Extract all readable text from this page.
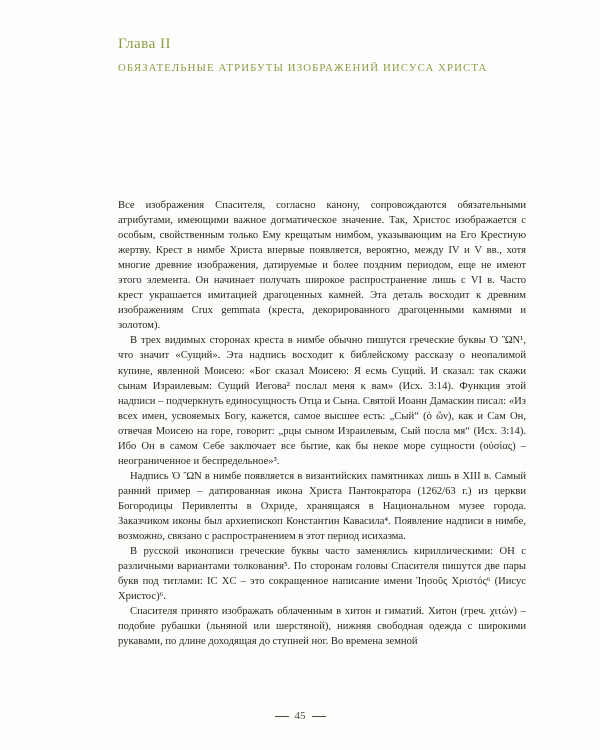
Глава II
ОБЯЗАТЕЛЬНЫЕ АТРИБУТЫ ИЗОБРАЖЕНИЙ ИИСУСА ХРИСТА

Все изображения Спасителя, согласно канону, сопровождаются обязательными атрибутами, имеющими важное догматическое значение. Так, Христос изображается с особым, свойственным только Ему крещатым нимбом, указывающим на Его Крестную жертву. Крест в нимбе Христа впервые появляется, вероятно, между IV и V вв., хотя многие древние изображения, датируемые и более поздним периодом, еще не имеют этого элемента. Он начинает получать широкое распространение лишь с VI в. Часто крест украшается имитацией драгоценных камней. Эта деталь восходит к древним изображениям Crux gemmata (креста, декорированного драгоценными камнями и золотом).

В трех видимых сторонах креста в нимбе обычно пишутся греческие буквы Ὁ ὪΝ¹, что значит «Сущий». Эта надпись восходит к библейскому рассказу о неопалимой купине, явленной Моисею: «Бог сказал Моисею: Я есмь Сущий. И сказал: так скажи сынам Израилевым: Сущий Иегова² послал меня к вам» (Исх. 3:14). Функция этой надписи – подчеркнуть единосущность Отца и Сына. Святой Иоанн Дамаскин писал: «Из всех имен, усвояемых Богу, кажется, самое высшее есть: „Сый“ (ὁ ὤν), как и Сам Он, отвечая Моисею на горе, говорит: „рцы сыном Израилевым, Сый посла мя“ (Исх. 3:14). Ибо Он в самом Себе заключает все бытие, как бы некое море сущности (οὐσίας) – неограниченное и беспредельное»³.

Надпись Ὁ ὪΝ в нимбе появляется в византийских памятниках лишь в XIII в. Самый ранний пример – датированная икона Христа Пантократора (1262/63 г.) из церкви Богородицы Перивлепты в Охриде, хранящаяся в Национальном музее города. Заказчиком иконы был архиепископ Константин Кавасила⁴. Появление надписи в нимбе, возможно, связано с распространением в этот период исихазма.

В русской иконописи греческие буквы часто заменялись кириллическими: ОН с различными вариантами толкования⁵. По сторонам головы Спасителя пишутся две пары букв под титлами: IC XC – это сокращенное написание имени Ἰησοῦς Χριστός⁶ (Иисус Христос)⁶.

Спасителя принято изображать облаченным в хитон и гиматий. Хитон (греч. χιτών) – подобие рубашки (льняной или шерстяной), нижняя свободная одежда с широкими рукавами, по длине доходящая до ступней ног. Во времена земной

45
